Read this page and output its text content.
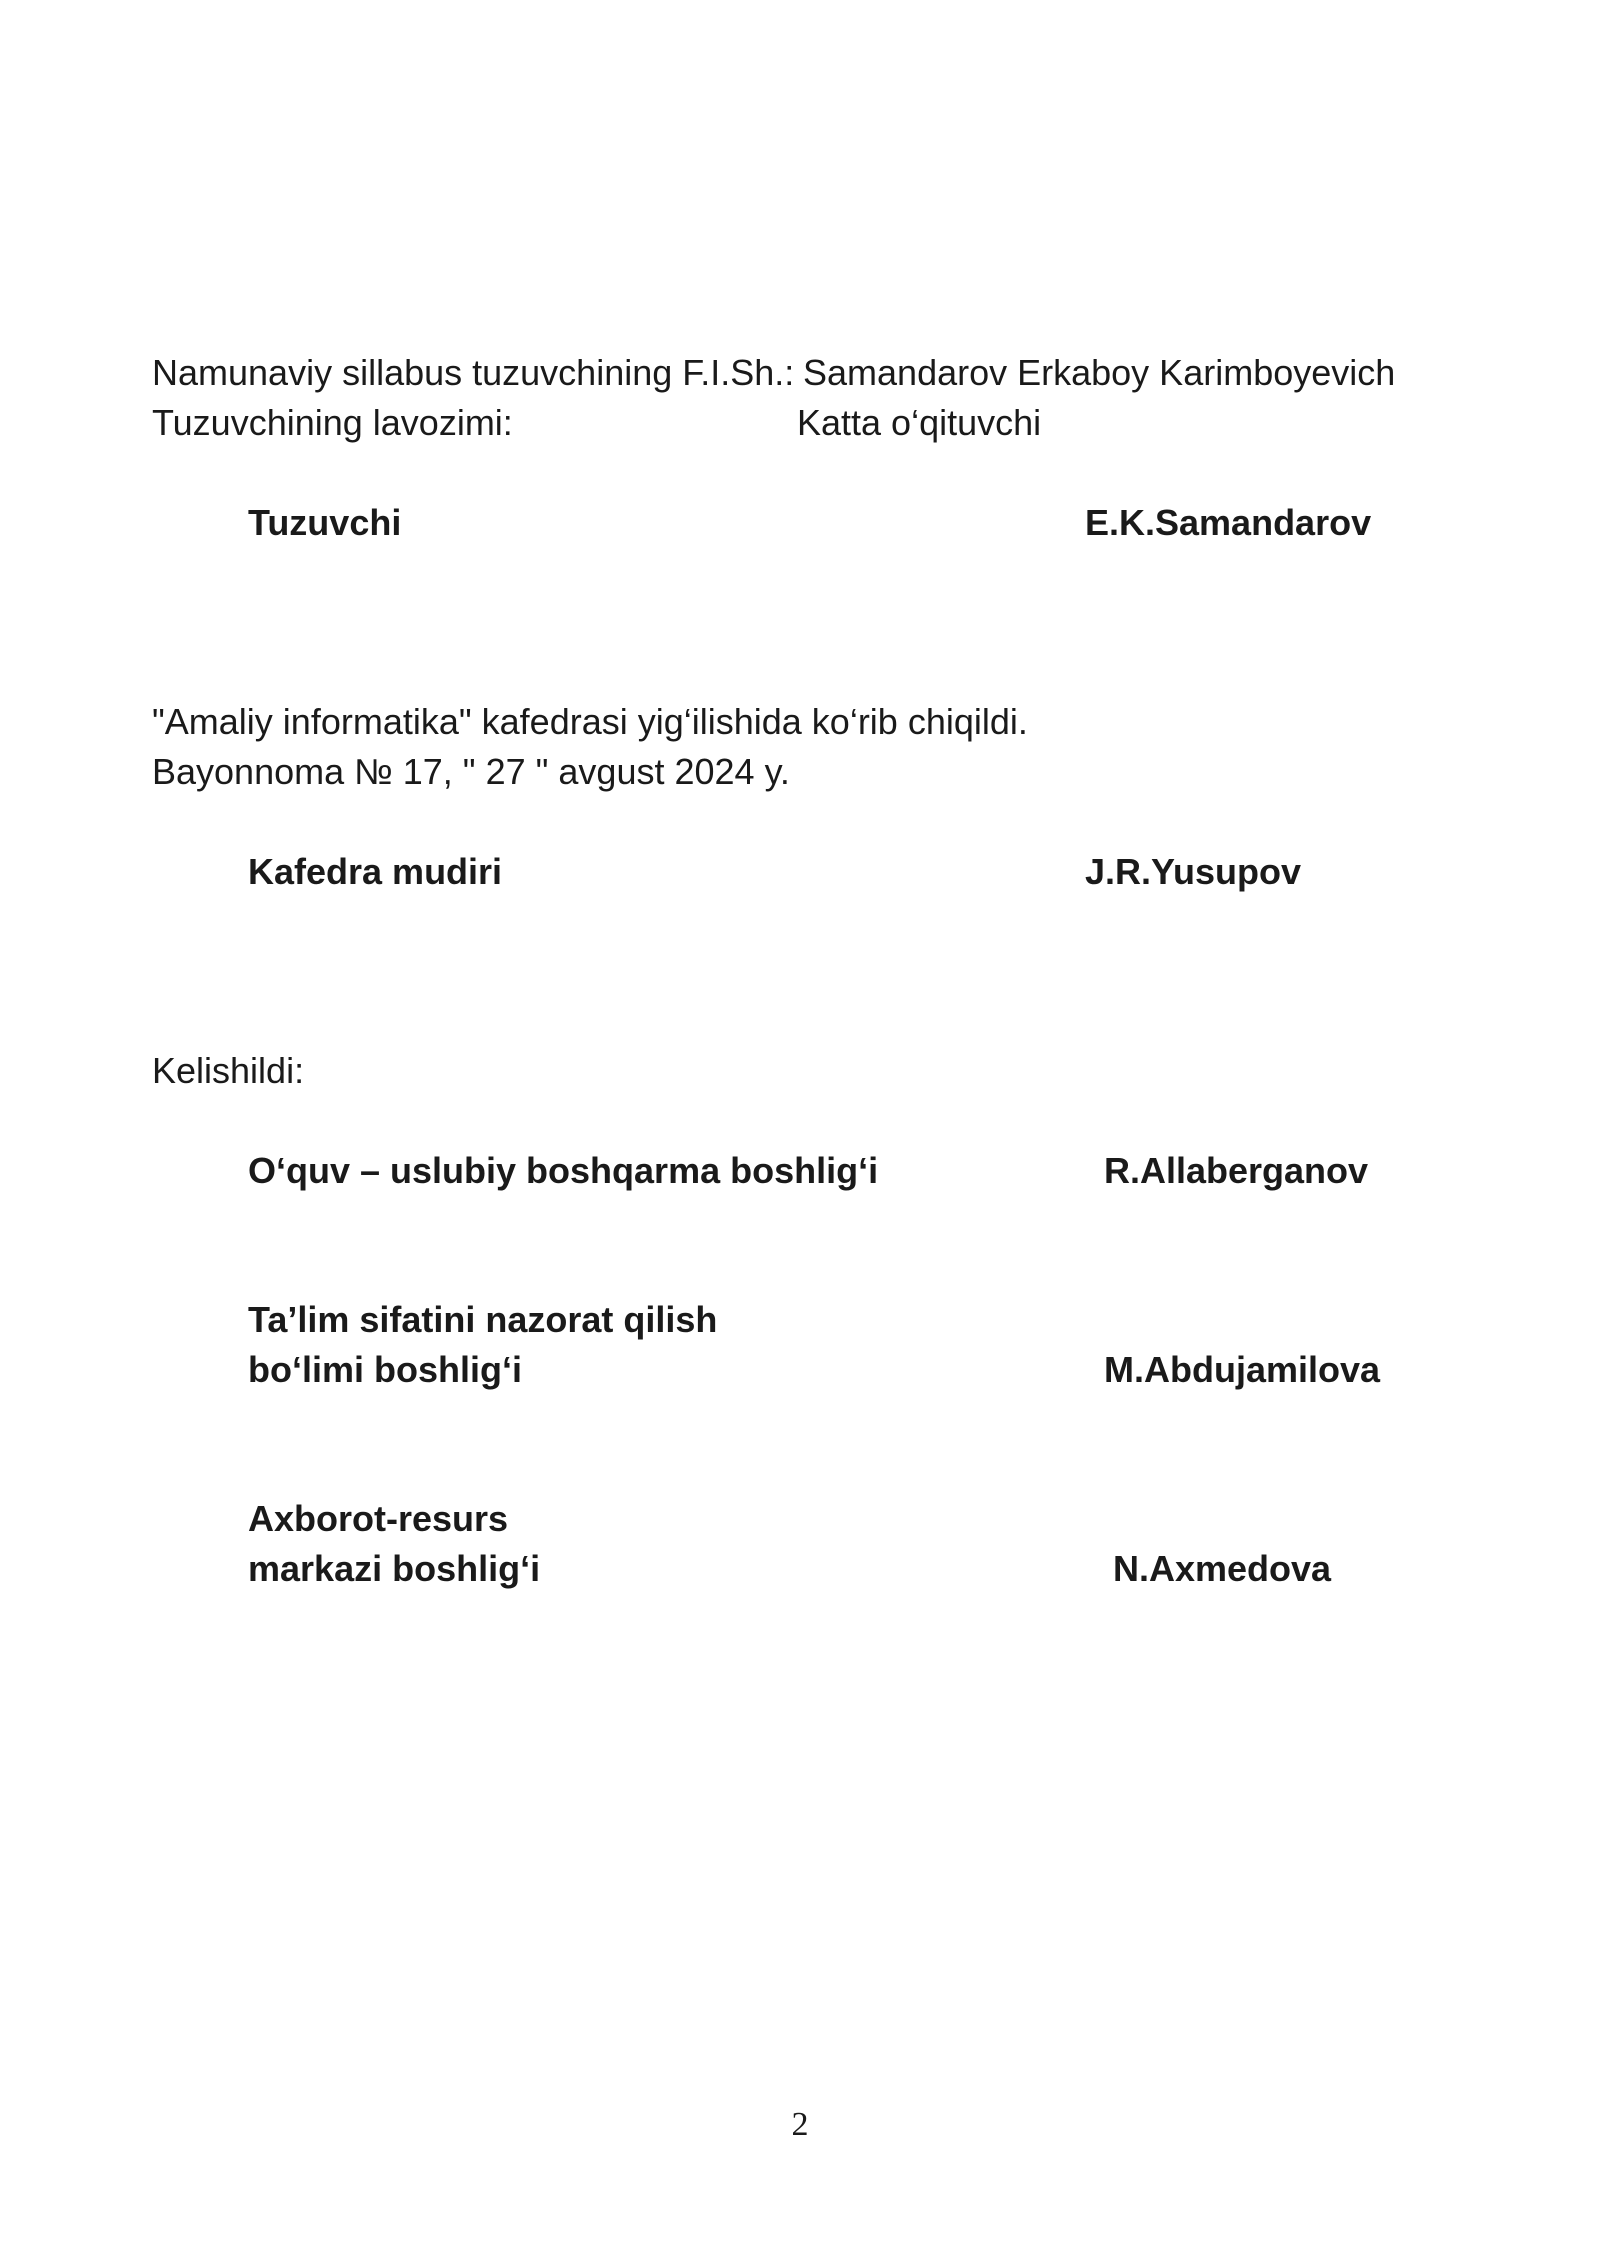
Namunaviy sillabus tuzuvchining F.I.Sh.: Samandarov Erkaboy Karimboyevich
Tuzuvchining lavozimi:	Katta o‘qituvchi
Tuzuvchi	E.K.Samandarov
"Amaliy informatika" kafedrasi yig‘ilishida ko‘rib chiqildi.
Bayonnoma № 17, " 27 " avgust 2024 y.
Kafedra mudiri	J.R.Yusupov
Kelishildi:
O‘quv – uslubiy boshqarma boshlig‘i	R.Allaberganov
Ta’lim sifatini nazorat qilish
bo‘limi boshlig‘i	M.Abdujamilova
Axborot-resurs
markazi boshlig‘i	N.Axmedova
2
